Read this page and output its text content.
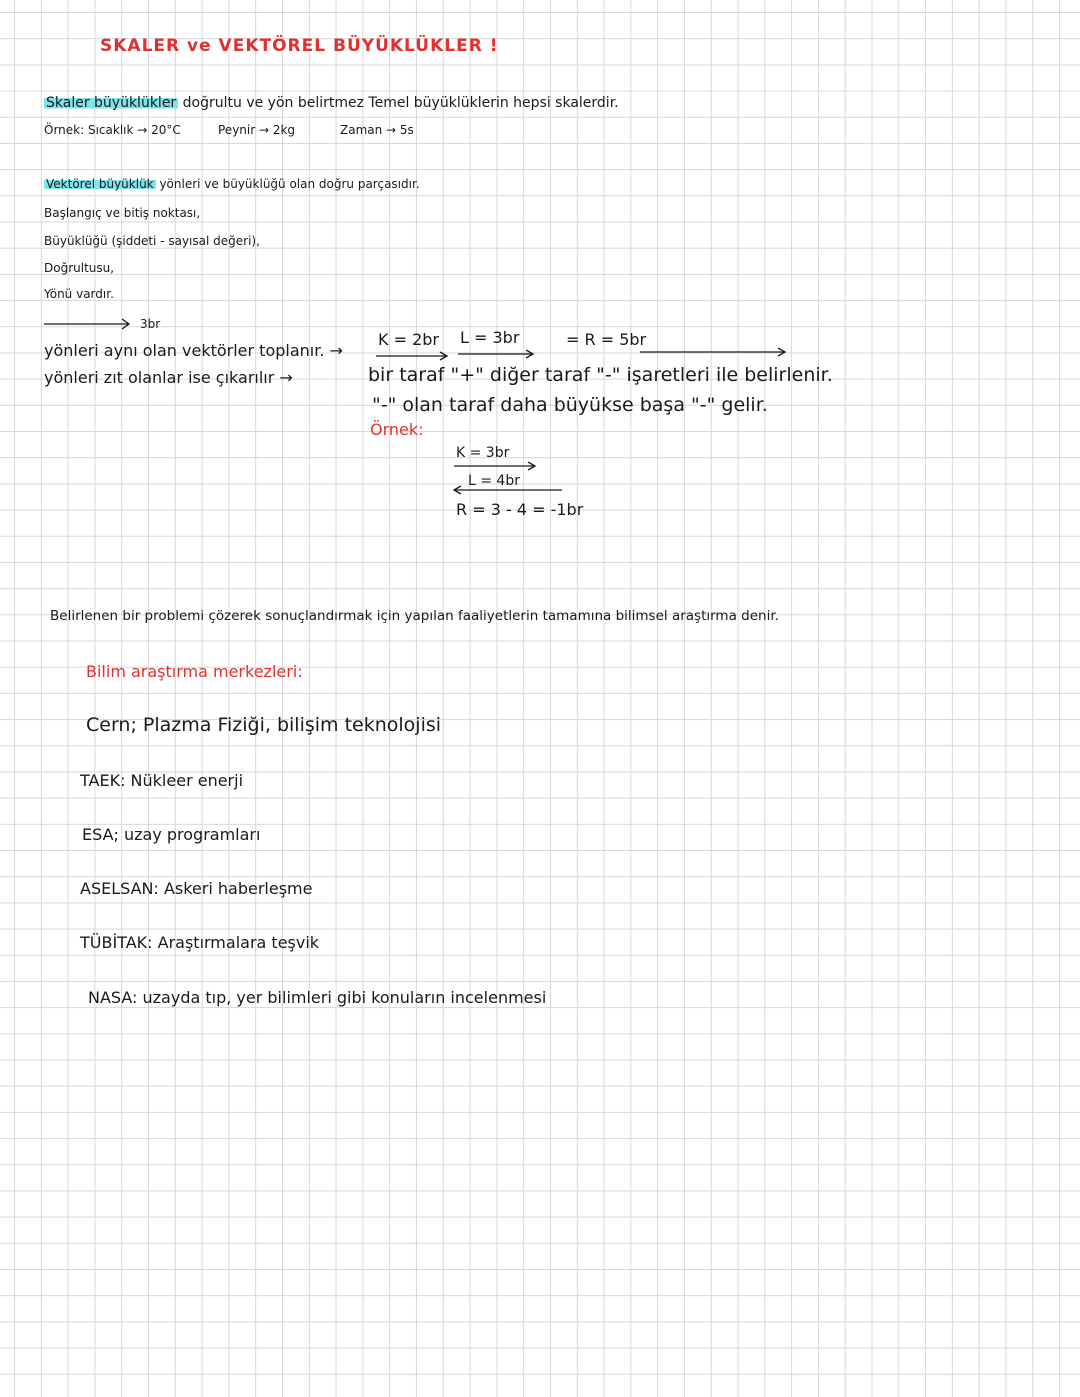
SKALER ve VEKTÖREL BÜYÜKLÜKLER !
Skaler büyüklükler doğrultu ve yön belirtmez Temel büyüklüklerin hepsi skalerdir.
Örnek: Sıcaklık → 20°C	Peynir → 2kg	Zaman → 5s
Vektörel büyüklük yönleri ve büyüklüğü olan doğru parçasıdır.
Başlangıç ve bitiş noktası,
Büyüklüğü (şiddeti - sayısal değeri),
Doğrultusu,
Yönü vardır.
3br
yönleri aynı olan vektörler toplanır. →
K = 2br L = 3br	= R = 5br
yönleri zıt olanlar ise çıkarılır →	bir taraf "+" diğer taraf "-" işaretleri ile belirlenir.
"-" olan taraf daha büyükse başa "-" gelir.
Örnek:
K = 3br
L = 4br
R = 3 - 4 = -1br
Belirlenen bir problemi çözerek sonuçlandırmak için yapılan faaliyetlerin tamamına bilimsel araştırma denir.
Bilim araştırma merkezleri:
Cern; Plazma Fiziği, bilişim teknolojisi
TAEK: Nükleer enerji
ESA; uzay programları
ASELSAN: Askeri haberleşme
TÜBİTAK: Araştırmalara teşvik
NASA: uzayda tıp, yer bilimleri gibi konuların incelenmesi
